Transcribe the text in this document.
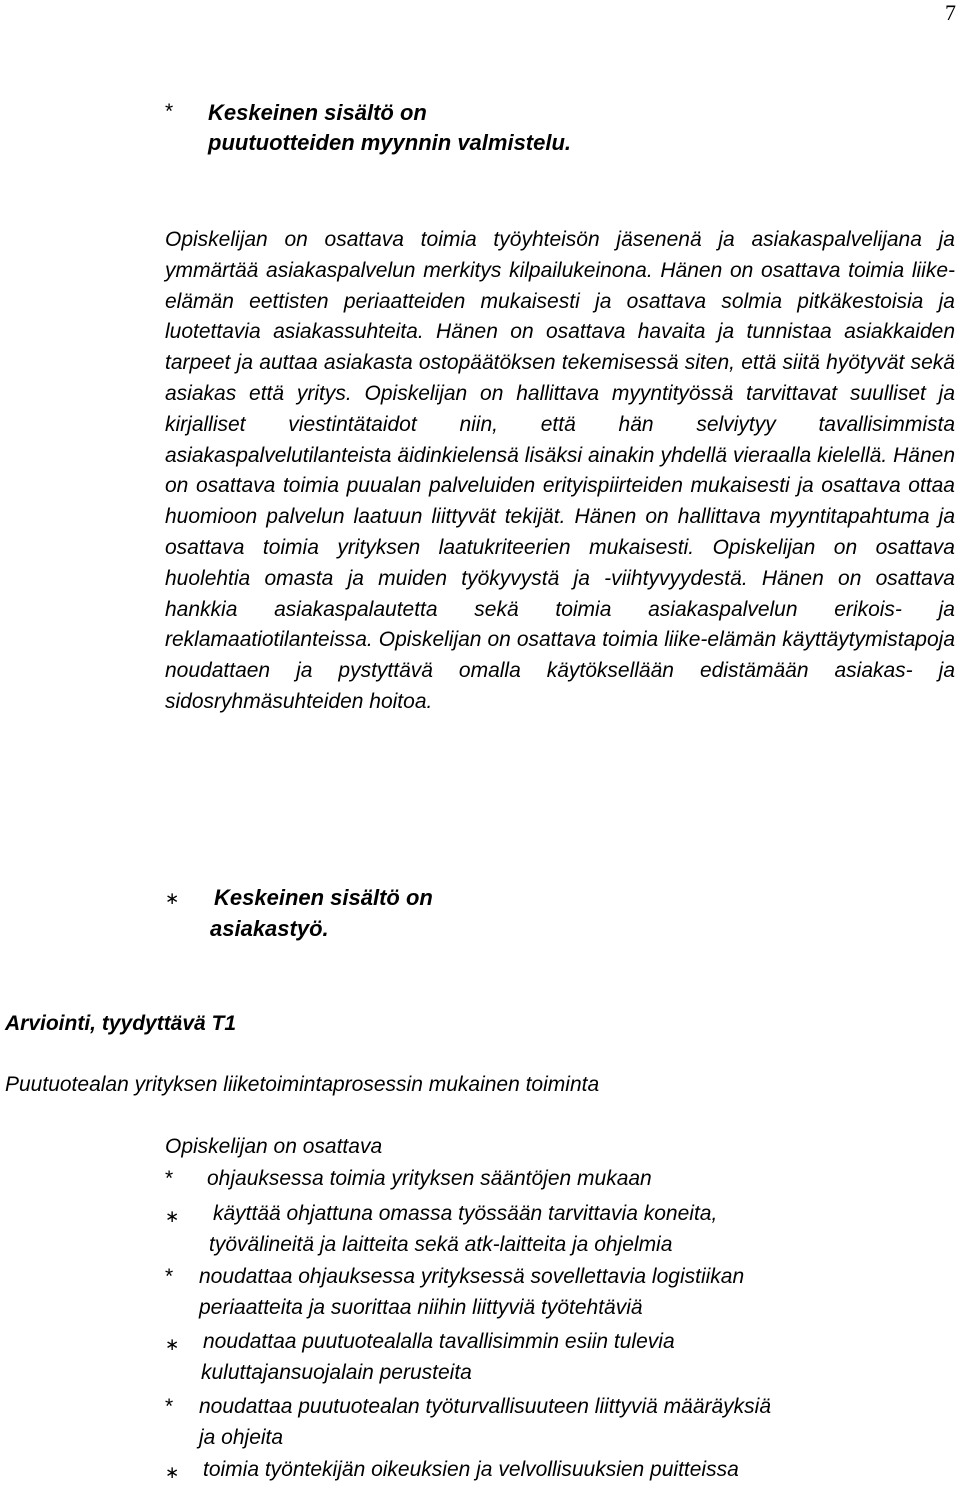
7
* Keskeinen sisältö on
puutuotteiden myynnin valmistelu.

Opiskelijan on osattava toimia työyhteisön jäsenenä ja asiakaspalvelijana ja ymmärtää asiakaspalvelun merkitys kilpailukeinona. Hänen on osattava toimia liike-elämän eettisten periaatteiden mukaisesti ja osattava solmia pitkäkestoisia ja luotettavia asiakassuhteita. Hänen on osattava havaita ja tunnistaa asiakkaiden tarpeet ja auttaa asiakasta ostopäätöksen tekemisessä siten, että siitä hyötyvät sekä asiakas että yritys. Opiskelijan on hallittava myyntityössä tarvittavat suulliset ja kirjalliset viestintätaidot niin, että hän selviytyy tavallisimmista asiakaspalvelutilanteista äidinkielensä lisäksi ainakin yhdellä vieraalla kielellä. Hänen on osattava toimia puualan palveluiden erityispiirteiden mukaisesti ja osattava ottaa huomioon palvelun laatuun liittyvät tekijät. Hänen on hallittava myyntitapahtuma ja osattava toimia yrityksen laatukriteerien mukaisesti. Opiskelijan on osattava huolehtia omasta ja muiden työkyvystä ja -viihtyvyydestä. Hänen on osattava hankkia asiakaspalautetta sekä toimia asiakaspalvelun erikois- ja reklamaatiotilanteissa. Opiskelijan on osattava toimia liike-elämän käyttäytymistapoja noudattaen ja pystyttävä omalla käytöksellään edistämään asiakas- ja sidosryhmäsuhteiden hoitoa.

∗ Keskeinen sisältö on
asiakastyö.
Arviointi, tyydyttävä T1
Puutuotealan yrityksen liiketoimintaprosessin mukainen toiminta
Opiskelijan on osattava
* ohjauksessa toimia yrityksen sääntöjen mukaan
∗ käyttää ohjattuna omassa työssään tarvittavia koneita,
työvälineitä ja laitteita sekä atk-laitteita ja ohjelmia
* noudattaa ohjauksessa yrityksessä sovellettavia logistiikan
periaatteita ja suorittaa niihin liittyviä työtehtäviä
∗ noudattaa puutuotealalla tavallisimmin esiin tulevia
kuluttajansuojalain perusteita
* noudattaa puutuotealan työturvallisuuteen liittyviä määräyksiä
ja ohjeita
∗ toimia työntekijän oikeuksien ja velvollisuuksien puitteissa
